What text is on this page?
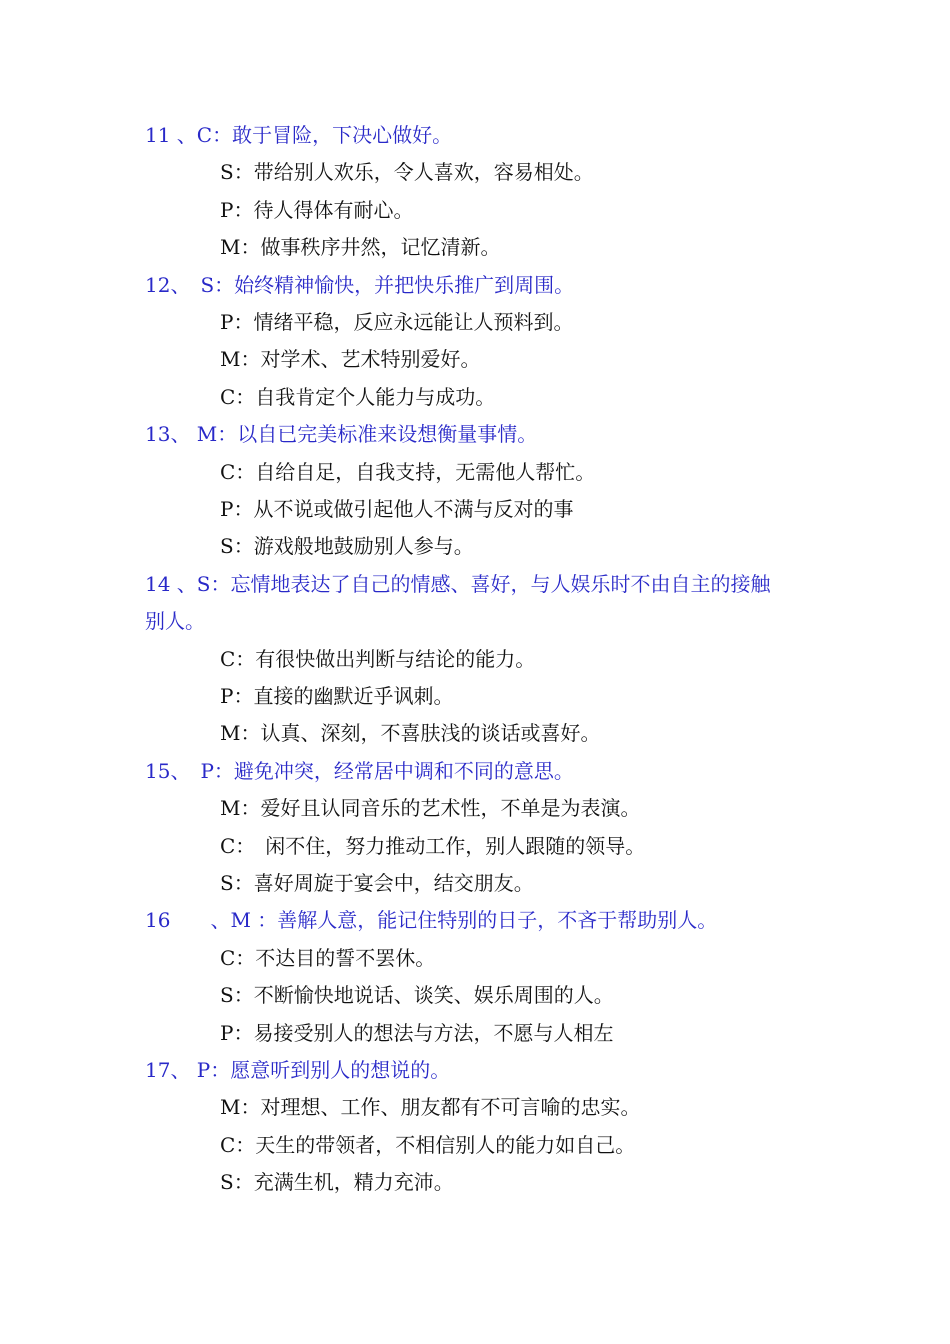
11 、C：敢于冒险，下决心做好。

S：带给别人欢乐，令人喜欢，容易相处。

P：待人得体有耐心。

M：做事秩序井然，记忆清新。

12、　S：始终精神愉快，并把快乐推广到周围。

P：情绪平稳，反应永远能让人预料到。

M：对学术、艺术特别爱好。

C：自我肯定个人能力与成功。

13、 M：以自已完美标准来设想衡量事情。

C：自给自足，自我支持，无需他人帮忙。

P：从不说或做引起他人不满与反对的事

S：游戏般地鼓励别人参与。

14 、S：忘情地表达了自己的情感、喜好，与人娱乐时不由自主的接触

别人。

C：有很快做出判断与结论的能力。

P：直接的幽默近乎讽刺。

M：认真、深刻，不喜肤浅的谈话或喜好。

15、　P：避免冲突，经常居中调和不同的意思。

M：爱好且认同音乐的艺术性，不单是为表演。

C：　闲不住，努力推动工作，别人跟随的领导。

S：喜好周旋于宴会中，结交朋友。

16　　、M ：善解人意，能记住特别的日子，不吝于帮助别人。

C：不达目的誓不罢休。

S：不断愉快地说话、谈笑、娱乐周围的人。

P：易接受别人的想法与方法，不愿与人相左

17、 P：愿意听到别人的想说的。

M：对理想、工作、朋友都有不可言喻的忠实。

C：天生的带领者，不相信别人的能力如自己。

S：充满生机，精力充沛。
